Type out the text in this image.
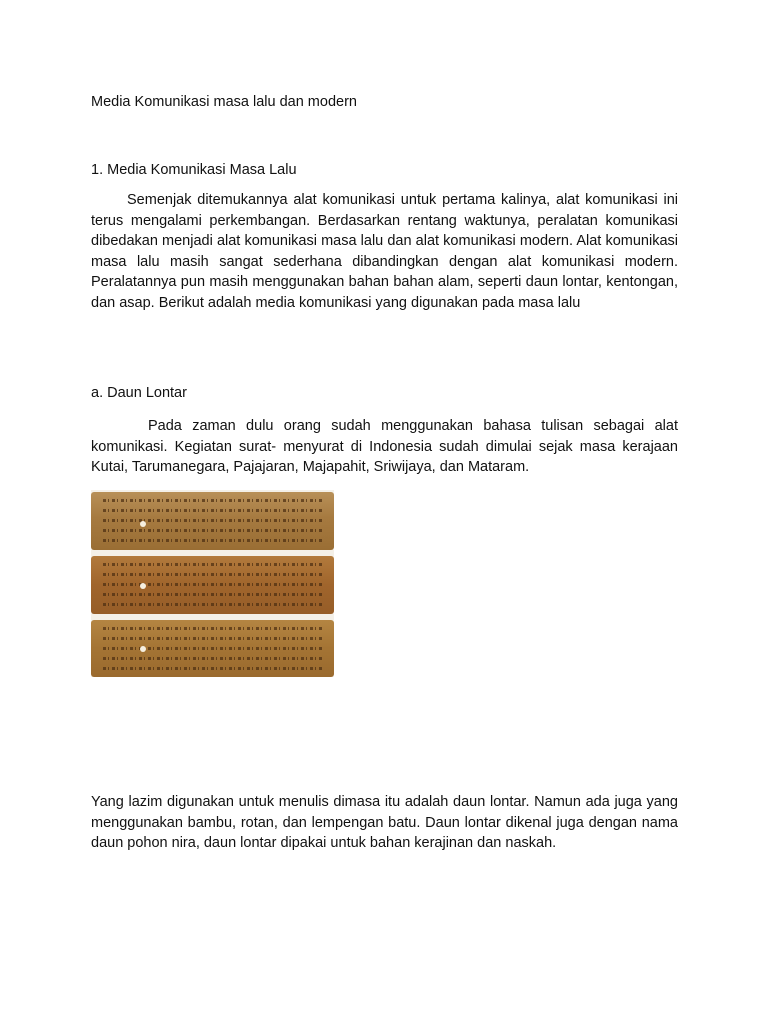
Media Komunikasi masa lalu dan modern
1. Media Komunikasi Masa Lalu

Semenjak ditemukannya alat komunikasi untuk pertama kalinya, alat komunikasi ini terus mengalami perkembangan. Berdasarkan rentang waktunya, peralatan komunikasi dibedakan menjadi alat komunikasi masa lalu dan alat komunikasi modern. Alat komunikasi masa lalu masih sangat sederhana dibandingkan dengan alat komunikasi modern. Peralatannya pun masih menggunakan bahan bahan alam, seperti daun lontar, kentongan, dan asap. Berikut adalah media komunikasi yang digunakan pada masa lalu

a. Daun Lontar

Pada zaman dulu orang sudah menggunakan bahasa tulisan sebagai alat komunikasi. Kegiatan surat- menyurat di Indonesia sudah dimulai sejak masa kerajaan Kutai, Tarumanegara, Pajajaran, Majapahit, Sriwijaya, dan Mataram.

Yang lazim digunakan untuk menulis dimasa itu adalah daun lontar. Namun ada juga yang menggunakan bambu, rotan, dan lempengan batu. Daun lontar dikenal juga dengan nama daun pohon nira, daun lontar dipakai untuk bahan kerajinan dan naskah.
